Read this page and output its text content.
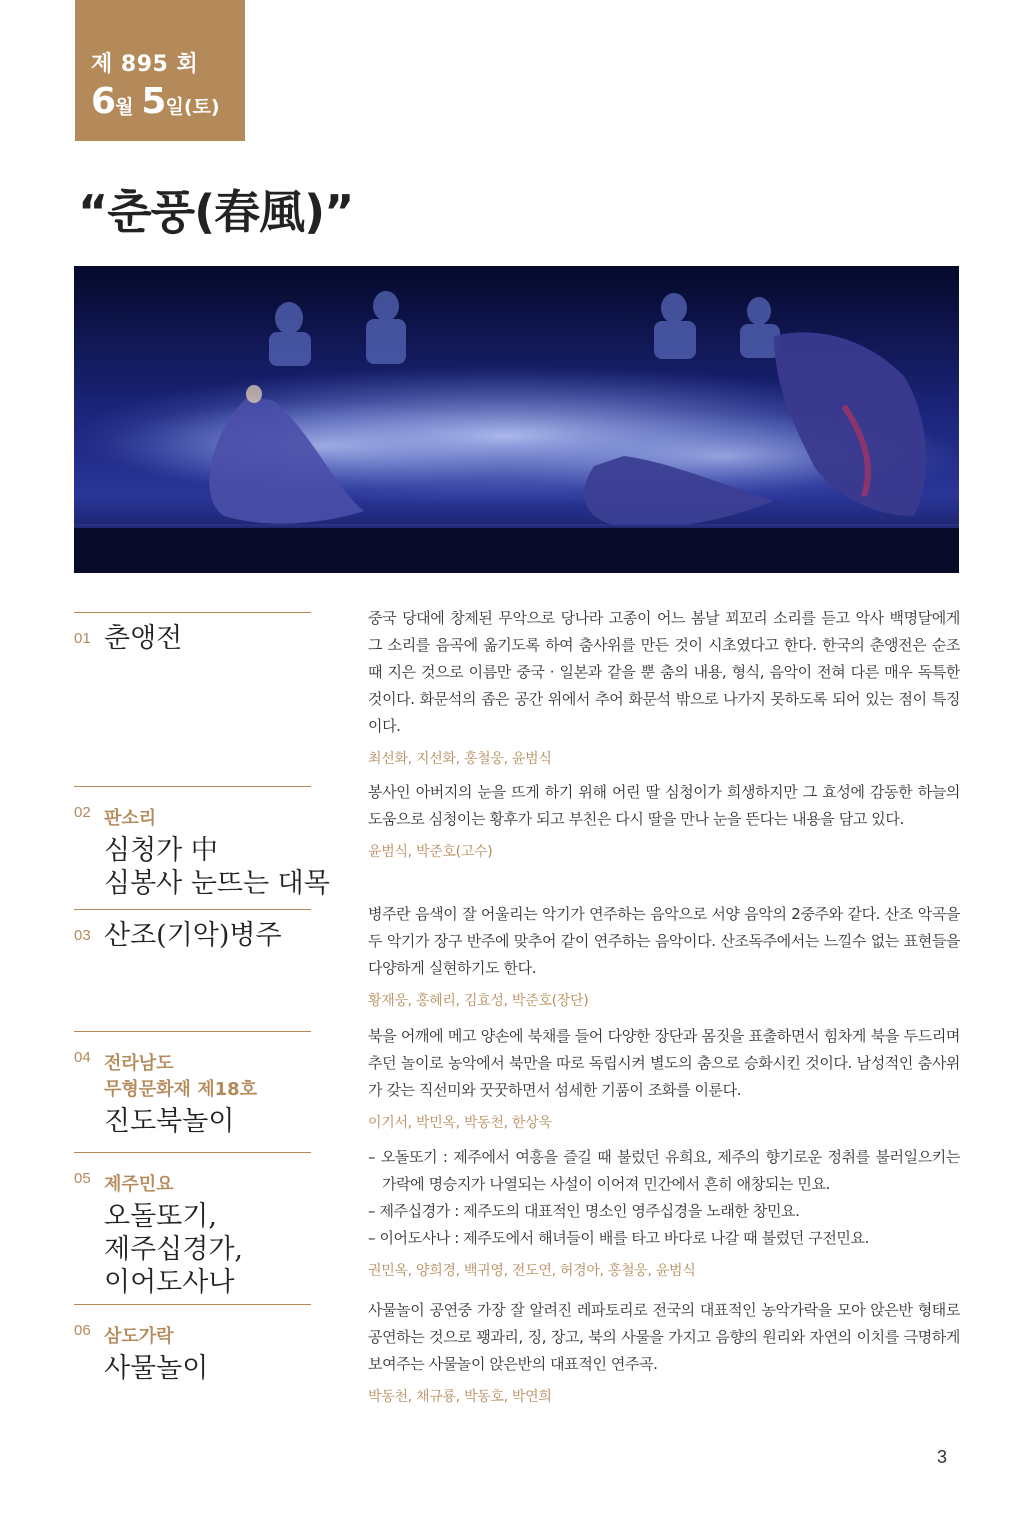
제 895 회
6월 5일(토)
“춘풍(春風)”
01 춘앵전

중국 당대에 창제된 무악으로 당나라 고종이 어느 봄날 꾀꼬리 소리를 듣고 악사 백명달에게 그 소리를 음곡에 옮기도록 하여 춤사위를 만든 것이 시초였다고 한다. 한국의 춘앵전은 순조때 지은 것으로 이름만 중국 · 일본과 같을 뿐 춤의 내용, 형식, 음악이 전혀 다른 매우 독특한 것이다. 화문석의 좁은 공간 위에서 추어 화문석 밖으로 나가지 못하도록 되어 있는 점이 특징이다.

최선화, 지선화, 홍철웅, 윤범식
02 판소리
심청가 中
심봉사 눈뜨는 대목

봉사인 아버지의 눈을 뜨게 하기 위해 어린 딸 심청이가 희생하지만 그 효성에 감동한 하늘의 도움으로 심청이는 황후가 되고 부친은 다시 딸을 만나 눈을 뜬다는 내용을 담고 있다.

윤범식, 박준호(고수)
03 산조(기악)병주

병주란 음색이 잘 어울리는 악기가 연주하는 음악으로 서양 음악의 2중주와 같다. 산조 악곡을 두 악기가 장구 반주에 맞추어 같이 연주하는 음악이다. 산조독주에서는 느낄수 없는 표현들을 다양하게 실현하기도 한다.

황재웅, 홍혜리, 김효성, 박준호(장단)
04 전라남도
무형문화재 제18호
진도북놀이

북을 어깨에 메고 양손에 북채를 들어 다양한 장단과 몸짓을 표출하면서 힘차게 북을 두드리며 추던 놀이로 농악에서 북만을 따로 독립시켜 별도의 춤으로 승화시킨 것이다. 남성적인 춤사위가 갖는 직선미와 꿋꿋하면서 섬세한 기품이 조화를 이룬다.

이기서, 박민옥, 박동천, 한상욱
05 제주민요
오돌또기,
제주십경가,
이어도사나

– 오돌또기 : 제주에서 여흥을 즐길 때 불렀던 유희요, 제주의 향기로운 정취를 불러일으키는 가락에 명승지가 나열되는 사설이 이어져 민간에서 흔히 애창되는 민요.
– 제주십경가 : 제주도의 대표적인 명소인 영주십경을 노래한 창민요.
– 이어도사나 : 제주도에서 해녀들이 배를 타고 바다로 나갈 때 불렀던 구전민요.

권민옥, 양희경, 백귀영, 전도연, 허경아, 홍철웅, 윤범식
06 삼도가락
사물놀이

사물놀이 공연중 가장 잘 알려진 레파토리로 전국의 대표적인 농악가락을 모아 앉은반 형태로 공연하는 것으로 꽹과리, 징, 장고, 북의 사물을 가지고 음향의 원리와 자연의 이치를 극명하게 보여주는 사물놀이 앉은반의 대표적인 연주곡.

박동천, 채규룡, 박동호, 박연희
3
